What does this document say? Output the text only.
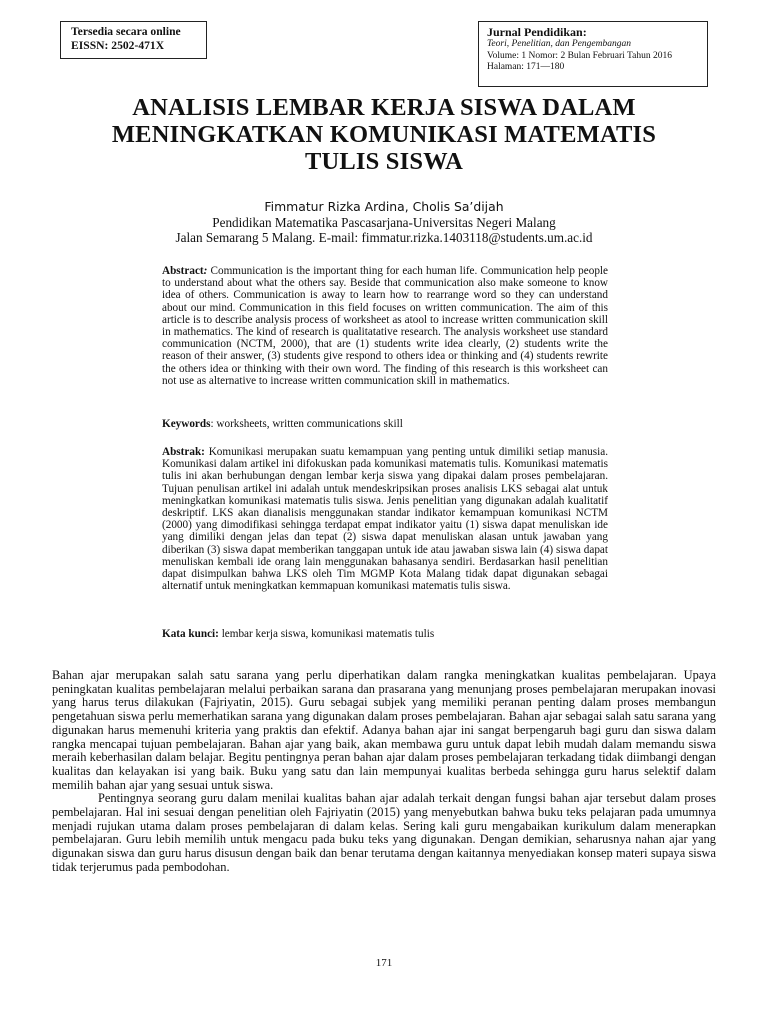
Tersedia secara online
EISSN: 2502-471X
Jurnal Pendidikan:
Teori, Penelitian, dan Pengembangan
Volume: 1 Nomor: 2 Bulan Februari Tahun 2016
Halaman: 171—180
ANALISIS LEMBAR KERJA SISWA DALAM
MENINGKATKAN KOMUNIKASI MATEMATIS
TULIS SISWA
Fimmatur Rizka Ardina, Cholis Sa’dijah
Pendidikan Matematika Pascasarjana-Universitas Negeri Malang
Jalan Semarang 5 Malang. E-mail: fimmatur.rizka.1403118@students.um.ac.id
Abstract: Communication is the important thing for each human life. Communication help people to understand about what the others say. Beside that communication also make someone to know idea of others. Communication is away to learn how to rearrange word so they can understand about our mind. Communication in this field focuses on written communication. The aim of this article is to describe analysis process of worksheet as atool to increase written communication skill in mathematics. The kind of research is qualitatative research. The analysis worksheet use standard communication (NCTM, 2000), that are (1) students write idea clearly, (2) students write the reason of their answer, (3) students give respond to others idea or thinking and (4) students rewrite the others idea or thinking with their own word. The finding of this research is this worksheet can not use as alternative to increase written communication skill in mathematics.
Keywords: worksheets, written communications skill
Abstrak: Komunikasi merupakan suatu kemampuan yang penting untuk dimiliki setiap manusia. Komunikasi dalam artikel ini difokuskan pada komunikasi matematis tulis. Komunikasi matematis tulis ini akan berhubungan dengan lembar kerja siswa yang dipakai dalam proses pembelajaran. Tujuan penulisan artikel ini adalah untuk mendeskripsikan proses analisis LKS sebagai alat untuk meningkatkan komunikasi matematis tulis siswa. Jenis penelitian yang digunakan adalah kualitatif deskriptif. LKS akan dianalisis menggunakan standar indikator kemampuan komunikasi NCTM (2000) yang dimodifikasi sehingga terdapat empat indikator yaitu (1) siswa dapat menuliskan ide yang dimiliki dengan jelas dan tepat (2) siswa dapat menuliskan alasan untuk jawaban yang diberikan (3) siswa dapat memberikan tanggapan untuk ide atau jawaban siswa lain (4) siswa dapat menuliskan kembali ide orang lain menggunakan bahasanya sendiri. Berdasarkan hasil penelitian dapat disimpulkan bahwa LKS oleh Tim MGMP Kota Malang tidak dapat digunakan sebagai alternatif untuk meningkatkan kemmapuan komunikasi matematis tulis siswa.
Kata kunci: lembar kerja siswa, komunikasi matematis tulis

Bahan ajar merupakan salah satu sarana yang perlu diperhatikan dalam rangka meningkatkan kualitas pembelajaran. Upaya peningkatan kualitas pembelajaran melalui perbaikan sarana dan prasarana yang menunjang proses pembelajaran merupakan inovasi yang harus terus dilakukan (Fajriyatin, 2015). Guru sebagai subjek yang memiliki peranan penting dalam proses membangun pengetahuan siswa perlu memerhatikan sarana yang digunakan dalam proses pembelajaran. Bahan ajar sebagai salah satu sarana yang digunakan harus memenuhi kriteria yang praktis dan efektif. Adanya bahan ajar ini sangat berpengaruh bagi guru dan siswa dalam rangka mencapai tujuan pembelajaran. Bahan ajar yang baik, akan membawa guru untuk dapat lebih mudah dalam memandu siswa meraih keberhasilan dalam belajar. Begitu pentingnya peran bahan ajar dalam proses pembelajaran terkadang tidak diimbangi dengan kualitas dan kelayakan isi yang baik. Buku yang satu dan lain mempunyai kualitas berbeda sehingga guru harus selektif dalam memilih bahan ajar yang sesuai untuk siswa.

Pentingnya seorang guru dalam menilai kualitas bahan ajar adalah terkait dengan fungsi bahan ajar tersebut dalam proses pembelajaran. Hal ini sesuai dengan penelitian oleh Fajriyatin (2015) yang menyebutkan bahwa buku teks pelajaran pada umumnya menjadi rujukan utama dalam proses pembelajaran di dalam kelas. Sering kali guru mengabaikan kurikulum dalam menerapkan pembelajaran. Guru lebih memilih untuk mengacu pada buku teks yang digunakan. Dengan demikian, seharusnya nahan ajar yang digunakan siswa dan guru harus disusun dengan baik dan benar terutama dengan kaitannya menyediakan konsep materi supaya siswa tidak terjerumus pada pembodohan.

171
